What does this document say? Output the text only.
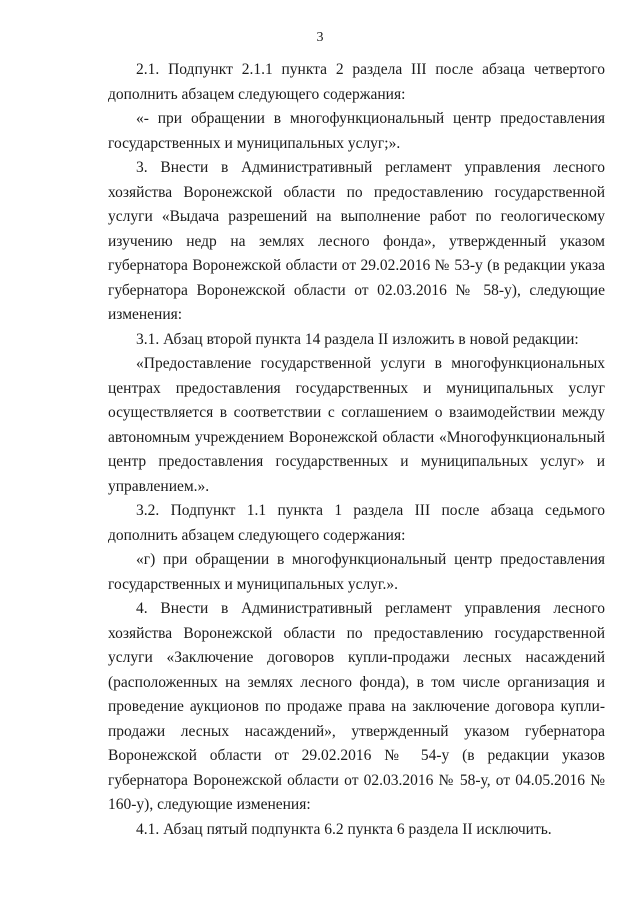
3

2.1. Подпункт 2.1.1 пункта 2 раздела III после абзаца четвертого дополнить абзацем следующего содержания:

«- при обращении в многофункциональный центр предоставления государственных и муниципальных услуг;».

3. Внести в Административный регламент управления лесного хозяйства Воронежской области по предоставлению государственной услуги «Выдача разрешений на выполнение работ по геологическому изучению недр на землях лесного фонда», утвержденный указом губернатора Воронежской области от 29.02.2016 № 53-у (в редакции указа губернатора Воронежской области от 02.03.2016 № 58-у), следующие изменения:

3.1. Абзац второй пункта 14 раздела II изложить в новой редакции:

«Предоставление государственной услуги в многофункциональных центрах предоставления государственных и муниципальных услуг осуществляется в соответствии с соглашением о взаимодействии между автономным учреждением Воронежской области «Многофункциональный центр предоставления государственных и муниципальных услуг» и управлением.».

3.2. Подпункт 1.1 пункта 1 раздела III после абзаца седьмого дополнить абзацем следующего содержания:

«г) при обращении в многофункциональный центр предоставления государственных и муниципальных услуг.».

4. Внести в Административный регламент управления лесного хозяйства Воронежской области по предоставлению государственной услуги «Заключение договоров купли-продажи лесных насаждений (расположенных на землях лесного фонда), в том числе организация и проведение аукционов по продаже права на заключение договора купли-продажи лесных насаждений», утвержденный указом губернатора Воронежской области от 29.02.2016 № 54-у (в редакции указов губернатора Воронежской области от 02.03.2016 № 58-у, от 04.05.2016 № 160-у), следующие изменения:

4.1. Абзац пятый подпункта 6.2 пункта 6 раздела II исключить.
